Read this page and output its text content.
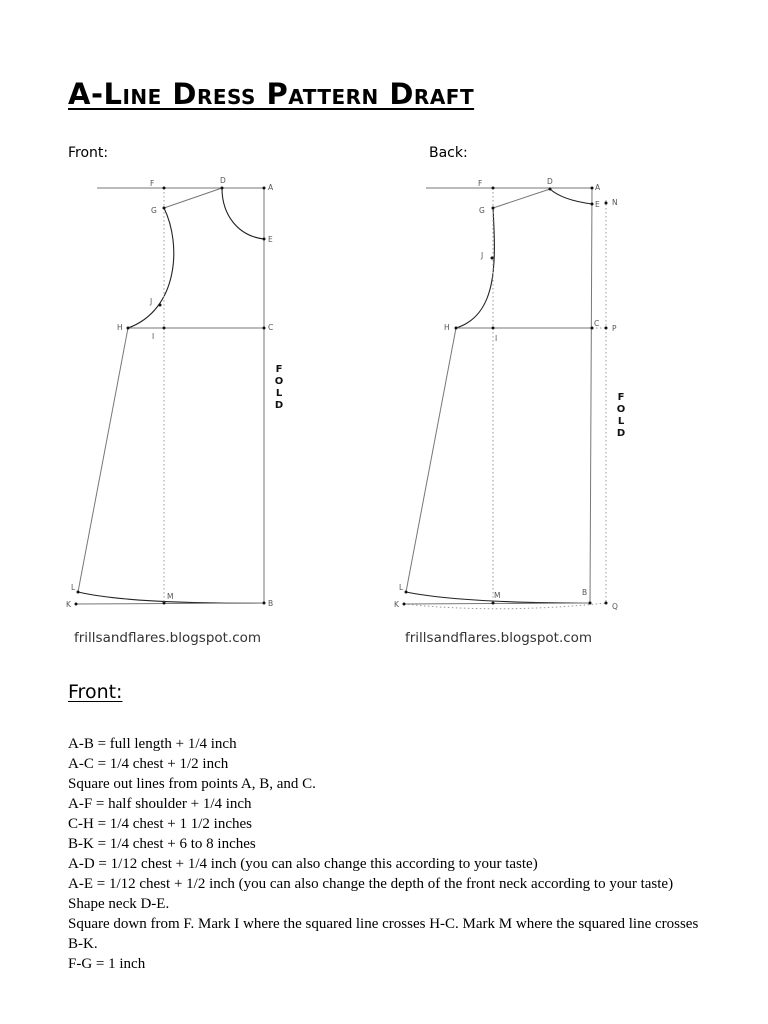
A-Line Dress Pattern Draft
Front:	Back:
F	D
A
G
E
J
H
I
C
L
K
M
B
F
O
L
D
frillsandflares.blogspot.com
F	D
A
G
E N
J
H
I
C
P
L
K
M	B
Q
F
O
L
D
frillsandflares.blogspot.com
Front:

A-B = full length + 1/4 inch

A-C = 1/4 chest + 1/2 inch

Square out lines from points A, B, and C.

A-F = half shoulder + 1/4 inch

C-H = 1/4 chest + 1 1/2 inches

B-K = 1/4 chest + 6 to 8 inches

A-D = 1/12 chest + 1/4 inch (you can also change this according to your taste)

A-E = 1/12 chest + 1/2 inch (you can also change the depth of the front neck according to your taste)

Shape neck D-E.

Square down from F. Mark I where the squared line crosses H-C. Mark M where the squared line crosses B-K.

F-G = 1 inch
